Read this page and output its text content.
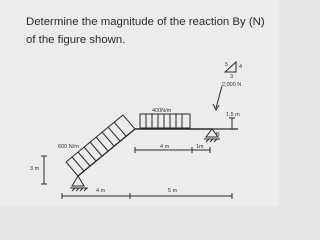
Determine the magnitude of the reaction By (N) of the figure shown.
5 4
3
2,000 N
400N/m
600 N/m
3 m
1.5 m
4 m	1m
B
4 m	5 m
